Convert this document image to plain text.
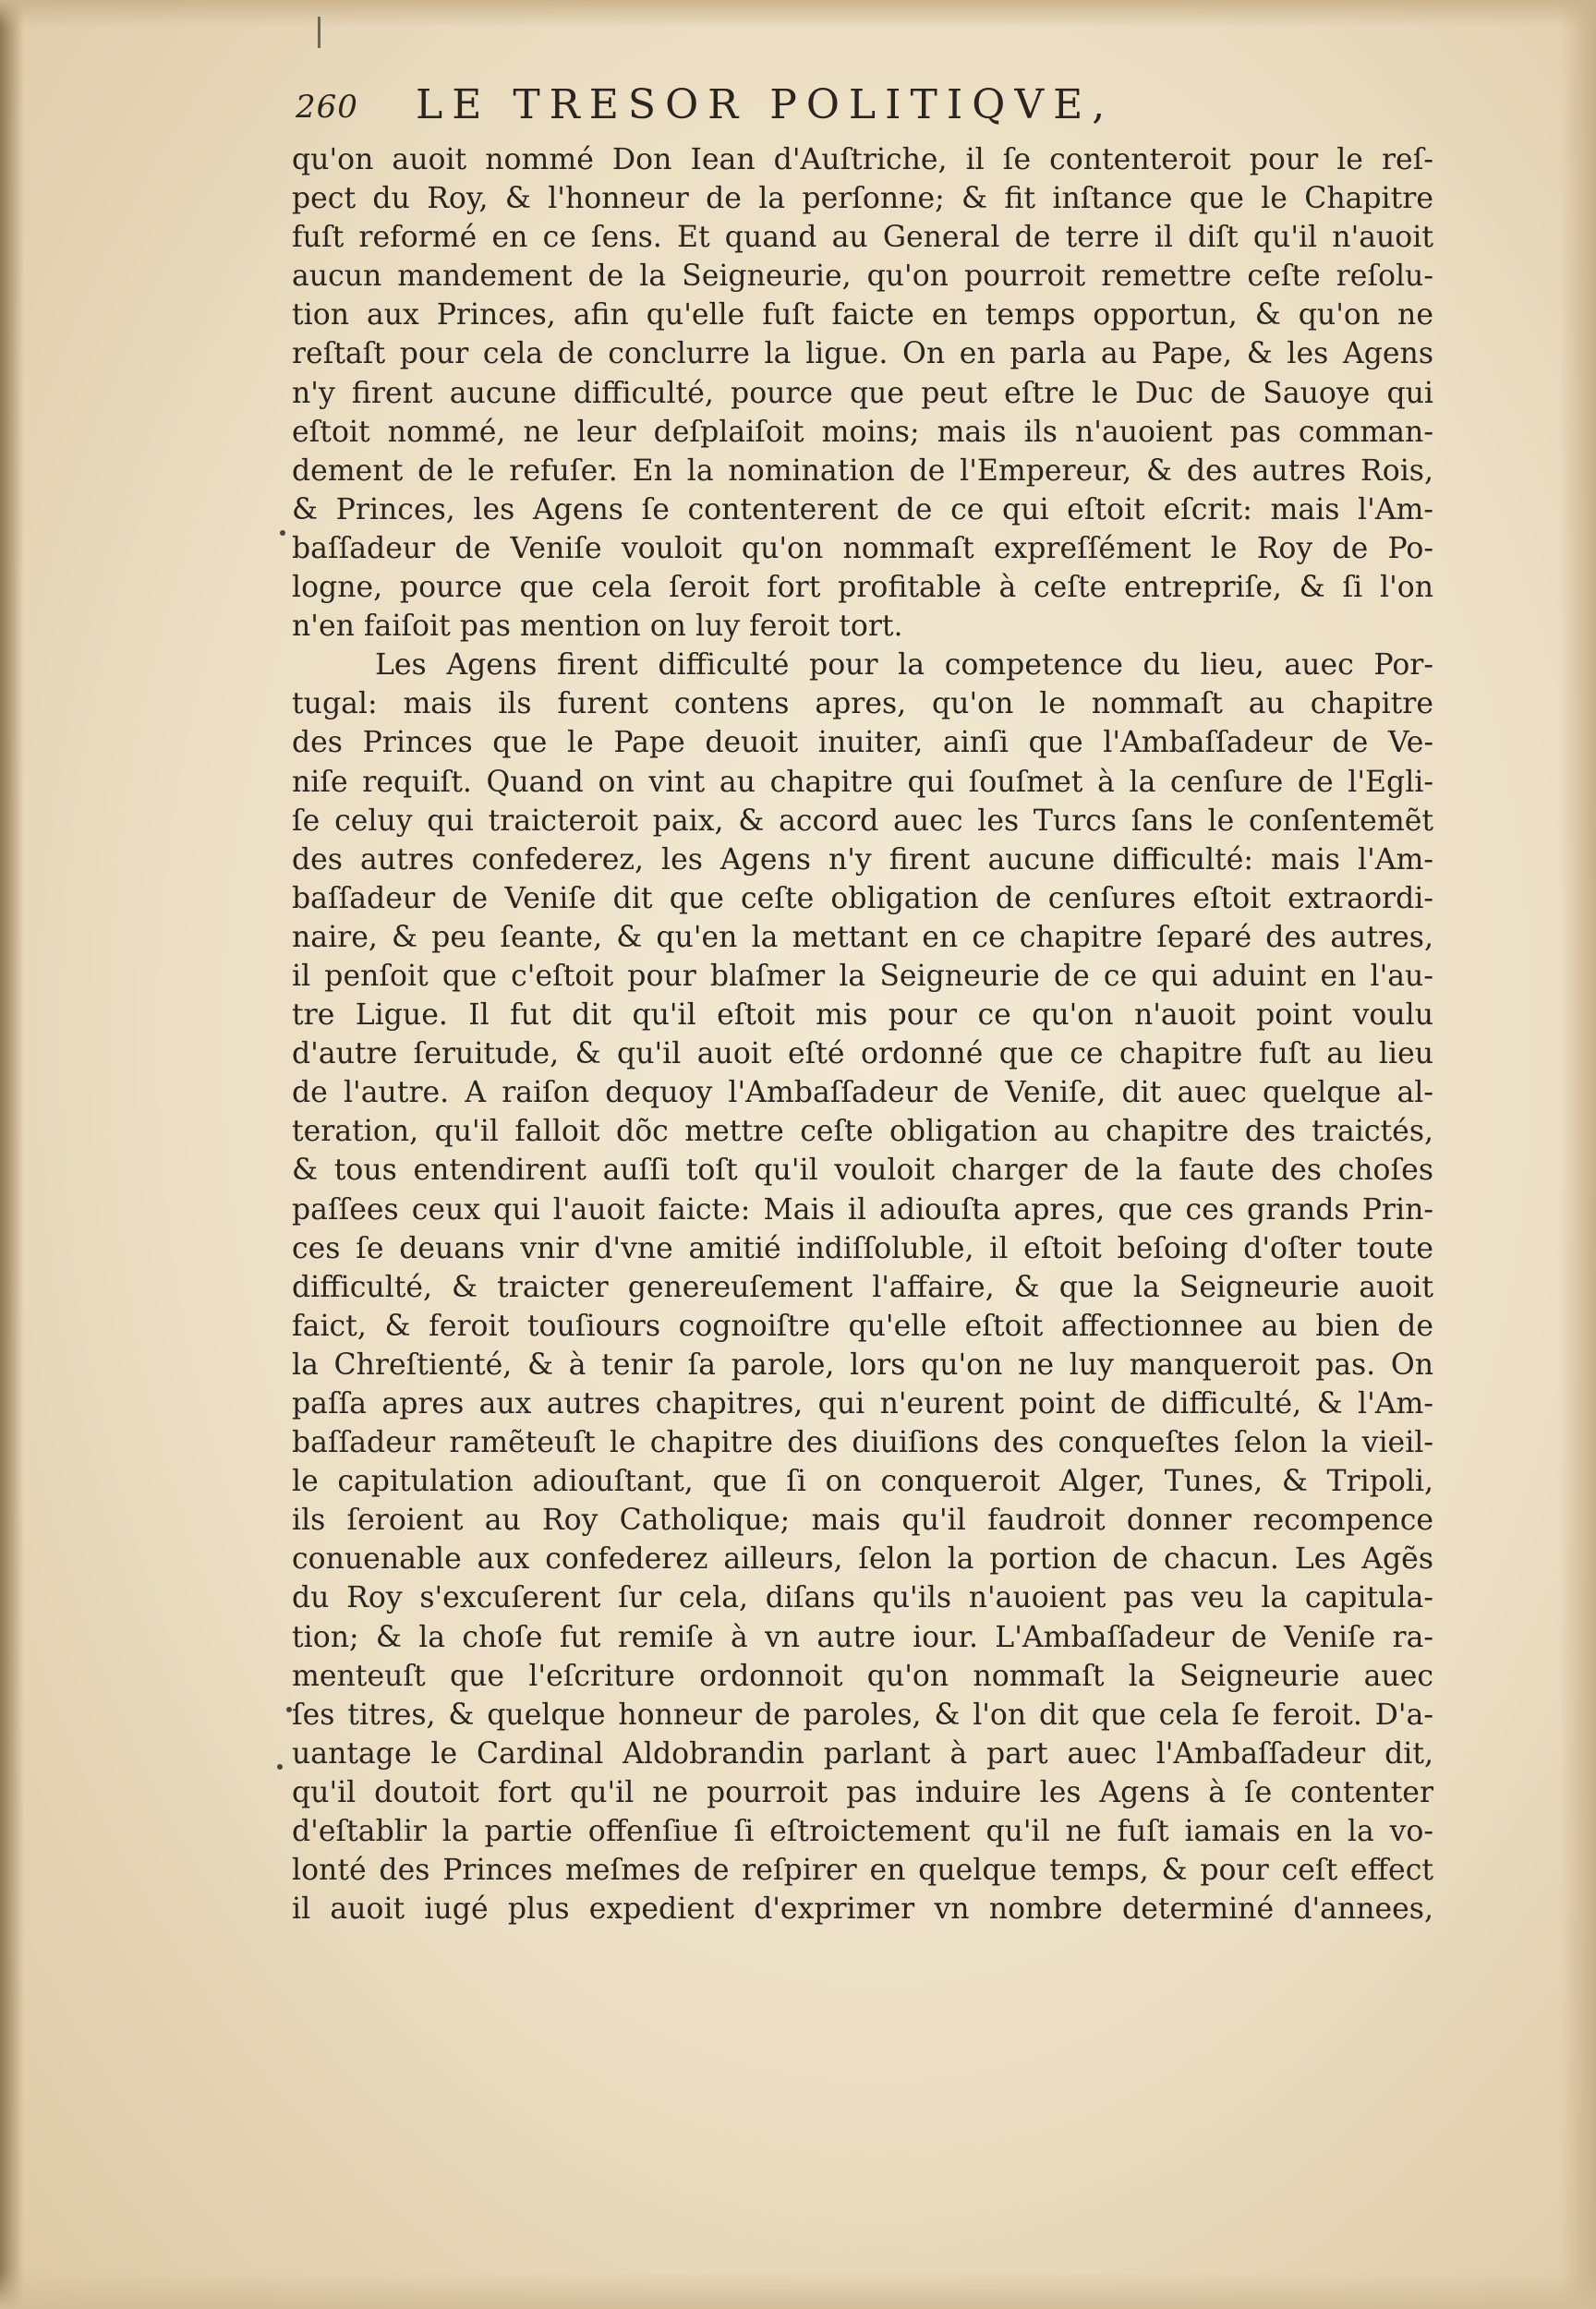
260 LE TRESOR POLITIQVE,
qu'on auoit nommé Don Iean d'Auſtriche, il ſe contenteroit pour le reſ-
pect du Roy, & l'honneur de la perſonne; & fit inſtance que le Chapitre
fuſt reformé en ce ſens. Et quand au General de terre il diſt qu'il n'auoit
aucun mandement de la Seigneurie, qu'on pourroit remettre ceſte reſolu-
tion aux Princes, afin qu'elle fuſt faicte en temps opportun, & qu'on ne
reſtaſt pour cela de conclurre la ligue. On en parla au Pape, & les Agens
n'y firent aucune difficulté, pource que peut eſtre le Duc de Sauoye qui
eſtoit nommé, ne leur deſplaiſoit moins; mais ils n'auoient pas comman-
dement de le refuſer. En la nomination de l'Empereur, & des autres Rois,
& Princes, les Agens ſe contenterent de ce qui eſtoit eſcrit: mais l'Am-
baſſadeur de Veniſe vouloit qu'on nommaſt expreſſément le Roy de Po-
logne, pource que cela ſeroit fort profitable à ceſte entrepriſe, & ſi l'on
n'en faiſoit pas mention on luy feroit tort.
Les Agens firent difficulté pour la competence du lieu, auec Por-
tugal: mais ils furent contens apres, qu'on le nommaſt au chapitre
des Princes que le Pape deuoit inuiter, ainſi que l'Ambaſſadeur de Ve-
niſe requiſt. Quand on vint au chapitre qui ſouſmet à la cenſure de l'Egli-
ſe celuy qui traicteroit paix, & accord auec les Turcs ſans le conſentemẽt
des autres confederez, les Agens n'y firent aucune difficulté: mais l'Am-
baſſadeur de Veniſe dit que ceſte obligation de cenſures eſtoit extraordi-
naire, & peu ſeante, & qu'en la mettant en ce chapitre ſeparé des autres,
il penſoit que c'eſtoit pour blaſmer la Seigneurie de ce qui aduint en l'au-
tre Ligue. Il fut dit qu'il eſtoit mis pour ce qu'on n'auoit point voulu
d'autre ſeruitude, & qu'il auoit eſté ordonné que ce chapitre fuſt au lieu
de l'autre. A raiſon dequoy l'Ambaſſadeur de Veniſe, dit auec quelque al-
teration, qu'il falloit dõc mettre ceſte obligation au chapitre des traictés,
& tous entendirent auſſi toſt qu'il vouloit charger de la faute des choſes
paſſees ceux qui l'auoit faicte: Mais il adiouſta apres, que ces grands Prin-
ces ſe deuans vnir d'vne amitié indiſſoluble, il eſtoit beſoing d'oſter toute
difficulté, & traicter genereuſement l'affaire, & que la Seigneurie auoit
faict, & feroit touſiours cognoiſtre qu'elle eſtoit affectionnee au bien de
la Chreſtienté, & à tenir ſa parole, lors qu'on ne luy manqueroit pas. On
paſſa apres aux autres chapitres, qui n'eurent point de difficulté, & l'Am-
baſſadeur ramẽteuſt le chapitre des diuiſions des conqueſtes ſelon la vieil-
le capitulation adiouſtant, que ſi on conqueroit Alger, Tunes, & Tripoli,
ils ſeroient au Roy Catholique; mais qu'il faudroit donner recompence
conuenable aux confederez ailleurs, ſelon la portion de chacun. Les Agẽs
du Roy s'excuſerent ſur cela, diſans qu'ils n'auoient pas veu la capitula-
tion; & la choſe fut remiſe à vn autre iour. L'Ambaſſadeur de Veniſe ra-
menteuſt que l'eſcriture ordonnoit qu'on nommaſt la Seigneurie auec
ſes titres, & quelque honneur de paroles, & l'on dit que cela ſe feroit. D'a-
uantage le Cardinal Aldobrandin parlant à part auec l'Ambaſſadeur dit,
qu'il doutoit fort qu'il ne pourroit pas induire les Agens à ſe contenter
d'eſtablir la partie offenſiue ſi eſtroictement qu'il ne fuſt iamais en la vo-
lonté des Princes meſmes de reſpirer en quelque temps, & pour ceſt effect
il auoit iugé plus expedient d'exprimer vn nombre determiné d'annees,
